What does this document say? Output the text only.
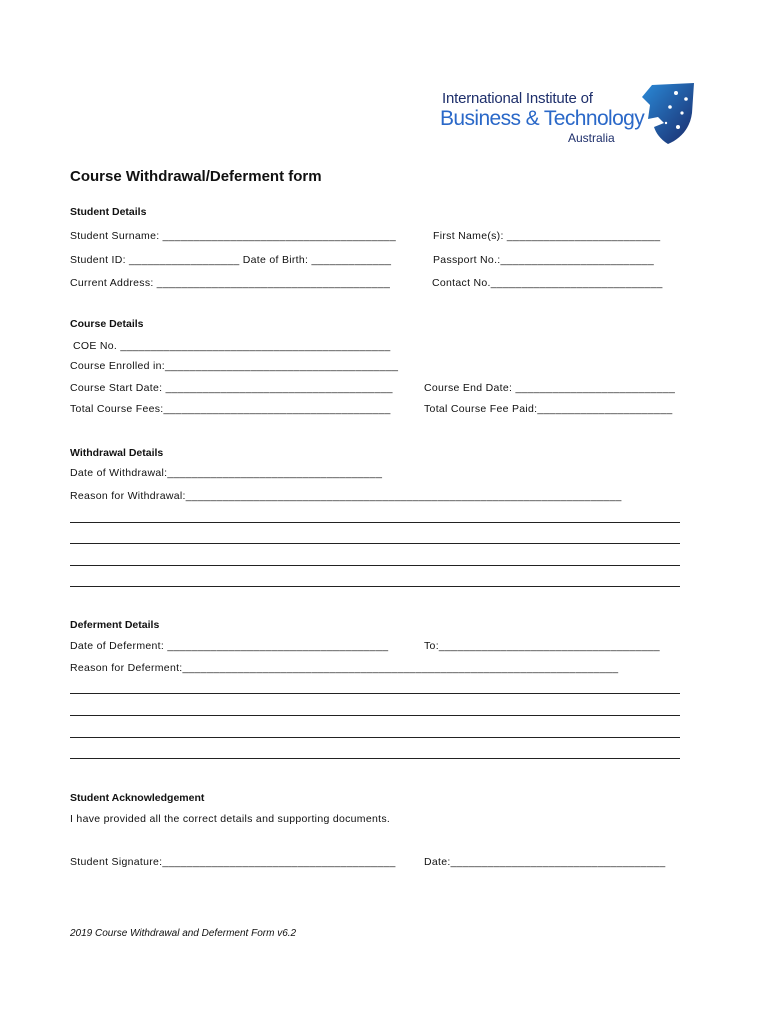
International Institute of
Business & Technology
Australia
Course Withdrawal/Deferment form
Student Details
Student Surname: ______________________________________	First Name(s): _________________________
Student ID: __________________ Date of Birth: _____________	Passport No.:_________________________
Current Address: ______________________________________	Contact No.____________________________
Course Details
COE No. ____________________________________________
Course Enrolled in:______________________________________
Course Start Date: _____________________________________	Course End Date: __________________________
Total Course Fees:_____________________________________	Total Course Fee Paid:______________________
Withdrawal Details
Date of Withdrawal:___________________________________
Reason for Withdrawal:_______________________________________________________________________
Deferment Details
Date of Deferment: ____________________________________	To:____________________________________
Reason for Deferment:_______________________________________________________________________
Student Acknowledgement
I have provided all the correct details and supporting documents.
Student Signature:______________________________________	Date:___________________________________
2019 Course Withdrawal and Deferment Form v6.2
